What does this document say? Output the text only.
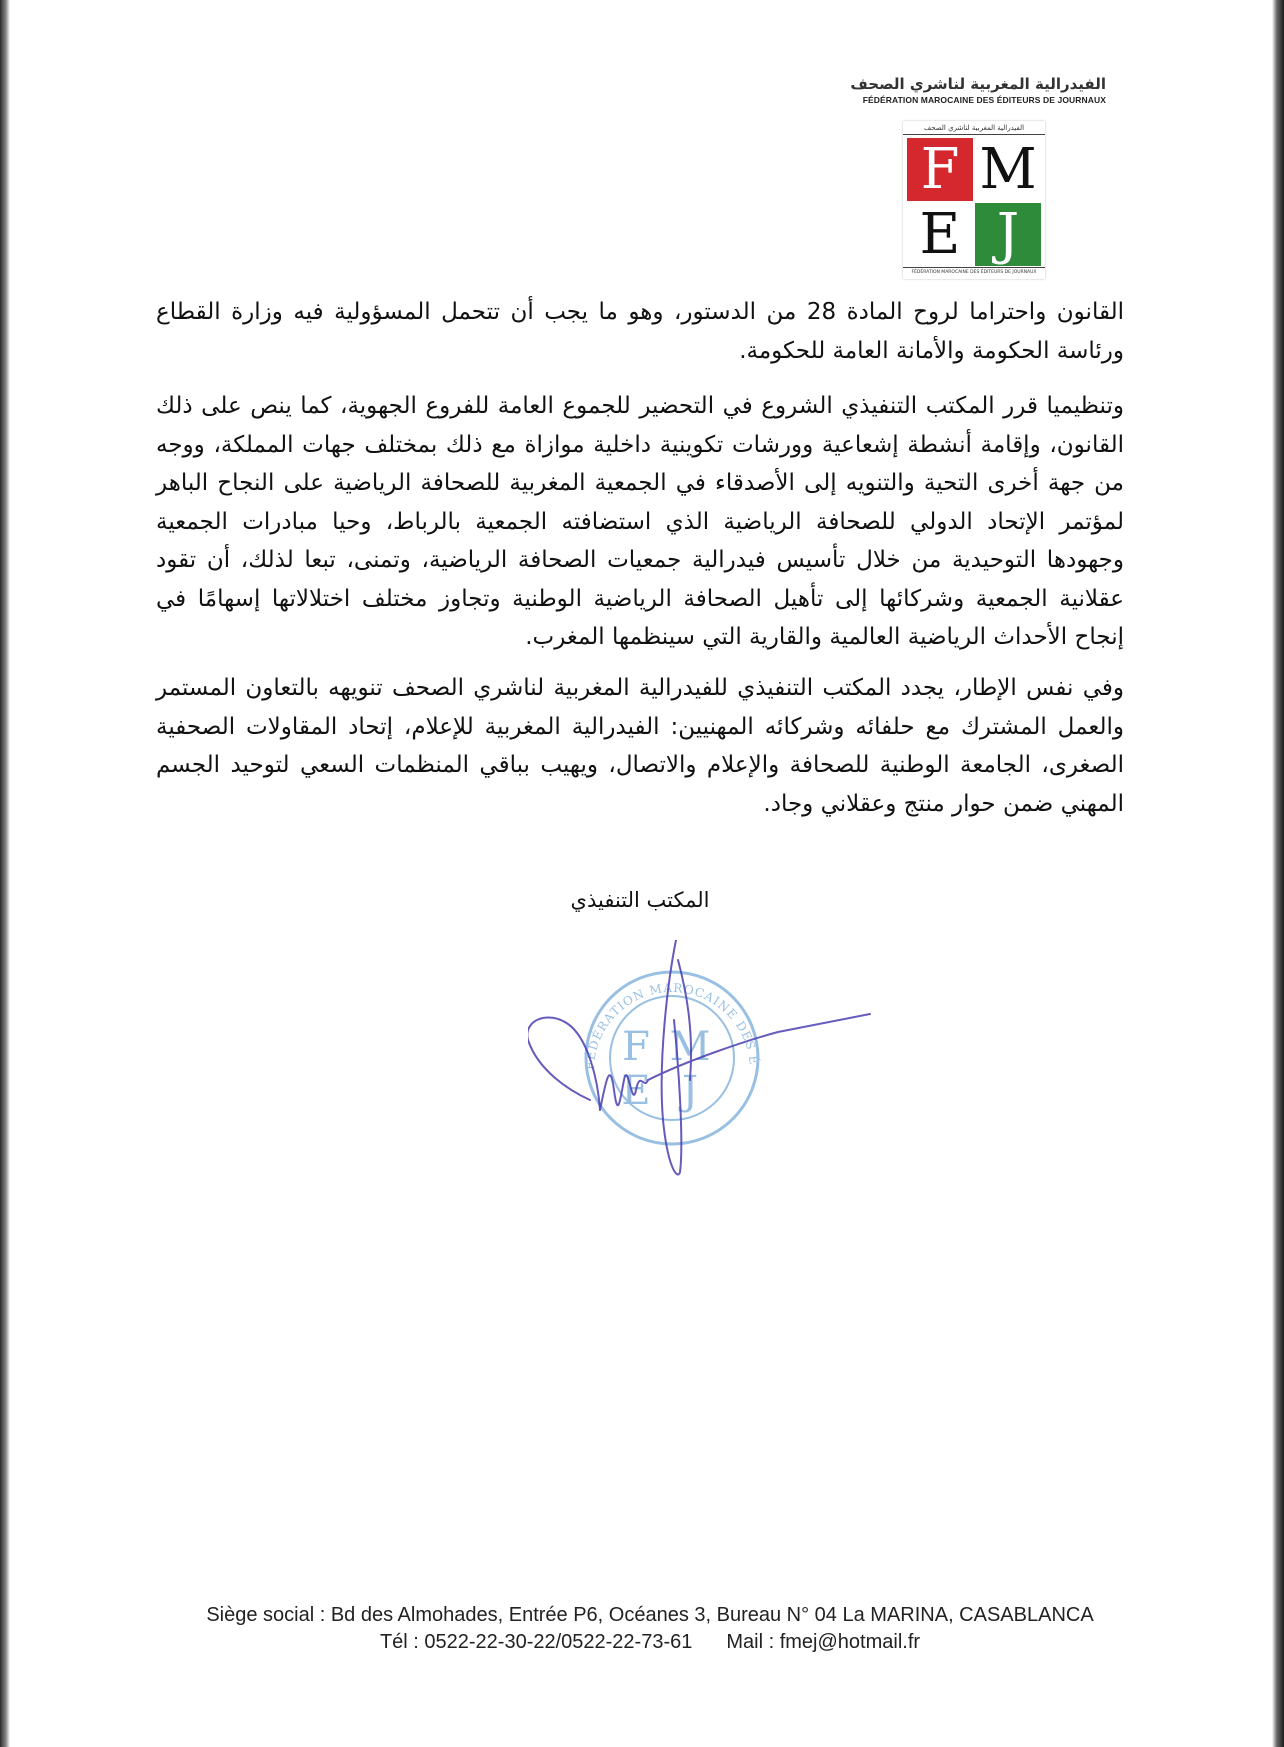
الفيدرالية المغربية لناشري الصحف
FÉDÉRATION MAROCAINE DES ÉDITEURS DE JOURNAUX
الفيدرالية المغربية لناشري الصحف
F M
E J
FÉDÉRATION MAROCAINE DES ÉDITEURS DE JOURNAUX

القانون واحتراما لروح المادة 28 من الدستور، وهو ما يجب أن تتحمل المسؤولية فيه وزارة القطاع ورئاسة الحكومة والأمانة العامة للحكومة.

وتنظيميا قرر المكتب التنفيذي الشروع في التحضير للجموع العامة للفروع الجهوية، كما ينص على ذلك القانون، وإقامة أنشطة إشعاعية وورشات تكوينية داخلية موازاة مع ذلك بمختلف جهات المملكة، ووجه من جهة أخرى التحية والتنويه إلى الأصدقاء في الجمعية المغربية للصحافة الرياضية على النجاح الباهر لمؤتمر الإتحاد الدولي للصحافة الرياضية الذي استضافته الجمعية بالرباط، وحيا مبادرات الجمعية وجهودها التوحيدية من خلال تأسيس فيدرالية جمعيات الصحافة الرياضية، وتمنى، تبعا لذلك، أن تقود عقلانية الجمعية وشركائها إلى تأهيل الصحافة الرياضية الوطنية وتجاوز مختلف اختلالاتها إسهامًا في إنجاح الأحداث الرياضية العالمية والقارية التي سينظمها المغرب.

وفي نفس الإطار، يجدد المكتب التنفيذي للفيدرالية المغربية لناشري الصحف تنويهه بالتعاون المستمر والعمل المشترك مع حلفائه وشركائه المهنيين: الفيدرالية المغربية للإعلام، إتحاد المقاولات الصحفية الصغرى، الجامعة الوطنية للصحافة والإعلام والاتصال، ويهيب بباقي المنظمات السعي لتوحيد الجسم المهني ضمن حوار منتج وعقلاني وجاد.

المكتب التنفيذي
FÉDÉRATION MAROCAINE DES É
F M
E J
Siège social : Bd des Almohades, Entrée P6, Océanes 3, Bureau N° 04 La MARINA, CASABLANCA
Tél : 0522-22-30-22/0522-22-73-61 Mail : fmej@hotmail.fr
